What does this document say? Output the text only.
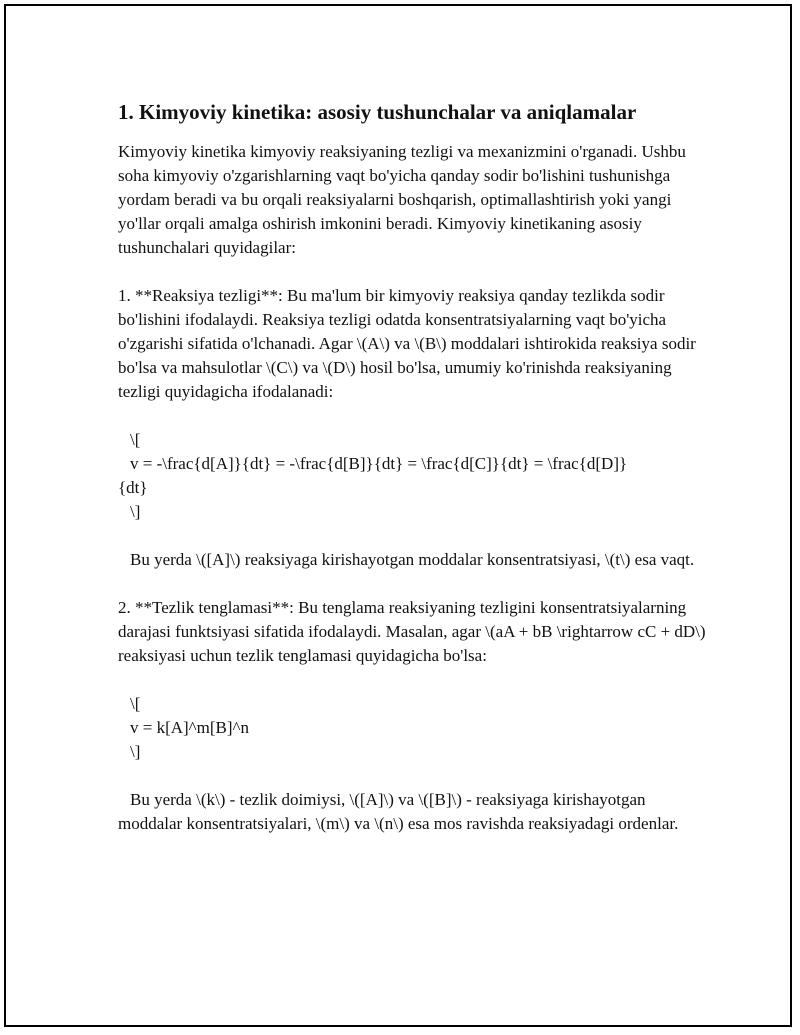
1. Kimyoviy kinetika: asosiy tushunchalar va aniqlamalar

Kimyoviy kinetika kimyoviy reaksiyaning tezligi va mexanizmini o'rganadi. Ushbu soha kimyoviy o'zgarishlarning vaqt bo'yicha qanday sodir bo'lishini tushunishga yordam beradi va bu orqali reaksiyalarni boshqarish, optimallashtirish yoki yangi yo'llar orqali amalga oshirish imkonini beradi. Kimyoviy kinetikaning asosiy tushunchalari quyidagilar:

1. **Reaksiya tezligi**: Bu ma'lum bir kimyoviy reaksiya qanday tezlikda sodir bo'lishini ifodalaydi. Reaksiya tezligi odatda konsentratsiyalarning vaqt bo'yicha o'zgarishi sifatida o'lchanadi. Agar \(A\) va \(B\) moddalari ishtirokida reaksiya sodir bo'lsa va mahsulotlar \(C\) va \(D\) hosil bo'lsa, umumiy ko'rinishda reaksiyaning tezligi quyidagicha ifodalanadi:

\[

v = -\frac{d[A]}{dt} = -\frac{d[B]}{dt} = \frac{d[C]}{dt} = \frac{d[D]}

{dt}

\]

Bu yerda \([A]\) reaksiyaga kirishayotgan moddalar konsentratsiyasi, \(t\) esa vaqt.

2. **Tezlik tenglamasi**: Bu tenglama reaksiyaning tezligini konsentratsiyalarning darajasi funktsiyasi sifatida ifodalaydi. Masalan, agar \(aA + bB \rightarrow cC + dD\) reaksiyasi uchun tezlik tenglamasi quyidagicha bo'lsa:

\[

v = k[A]^m[B]^n

\]

Bu yerda \(k\) - tezlik doimiysi, \([A]\) va \([B]\) - reaksiyaga kirishayotgan moddalar konsentratsiyalari, \(m\) va \(n\) esa mos ravishda reaksiyadagi ordenlar.
